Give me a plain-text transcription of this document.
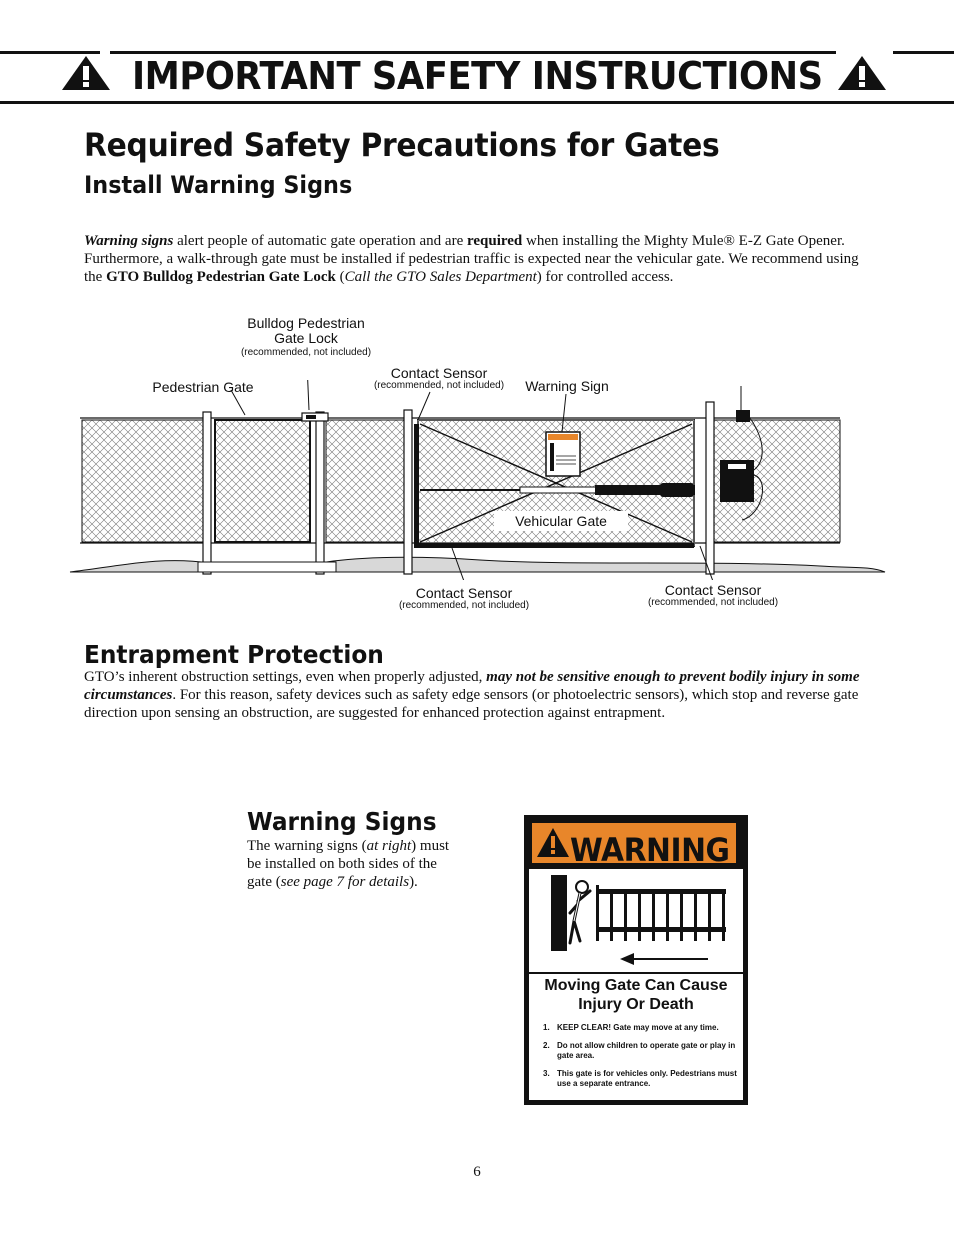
IMPORTANT SAFETY INSTRUCTIONS
Required Safety Precautions for Gates
Install Warning Signs
Warning signs alert people of automatic gate operation and are required when installing the Mighty Mule® E-Z Gate Opener. Furthermore, a walk-through gate must be installed if pedestrian traffic is expected near the vehicular gate. We recommend using the GTO Bulldog Pedestrian Gate Lock (Call the GTO Sales Department) for controlled access.
Bulldog Pedestrian
Gate Lock
(recommended, not included)
Pedestrian Gate
Contact Sensor
(recommended, not included)	Warning Sign
Vehicular Gate
Contact Sensor
(recommended, not included)
Contact Sensor
(recommended, not included)
Entrapment Protection
GTO’s inherent obstruction settings, even when properly adjusted, may not be sensitive enough to prevent bodily injury in some circumstances. For this reason, safety devices such as safety edge sensors (or photoelectric sensors), which stop and reverse gate direction upon sensing an obstruction, are suggested for enhanced protection against entrapment.
Warning Signs
The warning signs (at right) must
be installed on both sides of the
gate (see page 7 for details).
WARNING
Moving Gate Can Cause
Injury Or Death
1. KEEP CLEAR! Gate may move at any time.
2. Do not allow children to operate gate or play in gate area.
3. This gate is for vehicles only. Pedestrians must use a separate entrance.
6
